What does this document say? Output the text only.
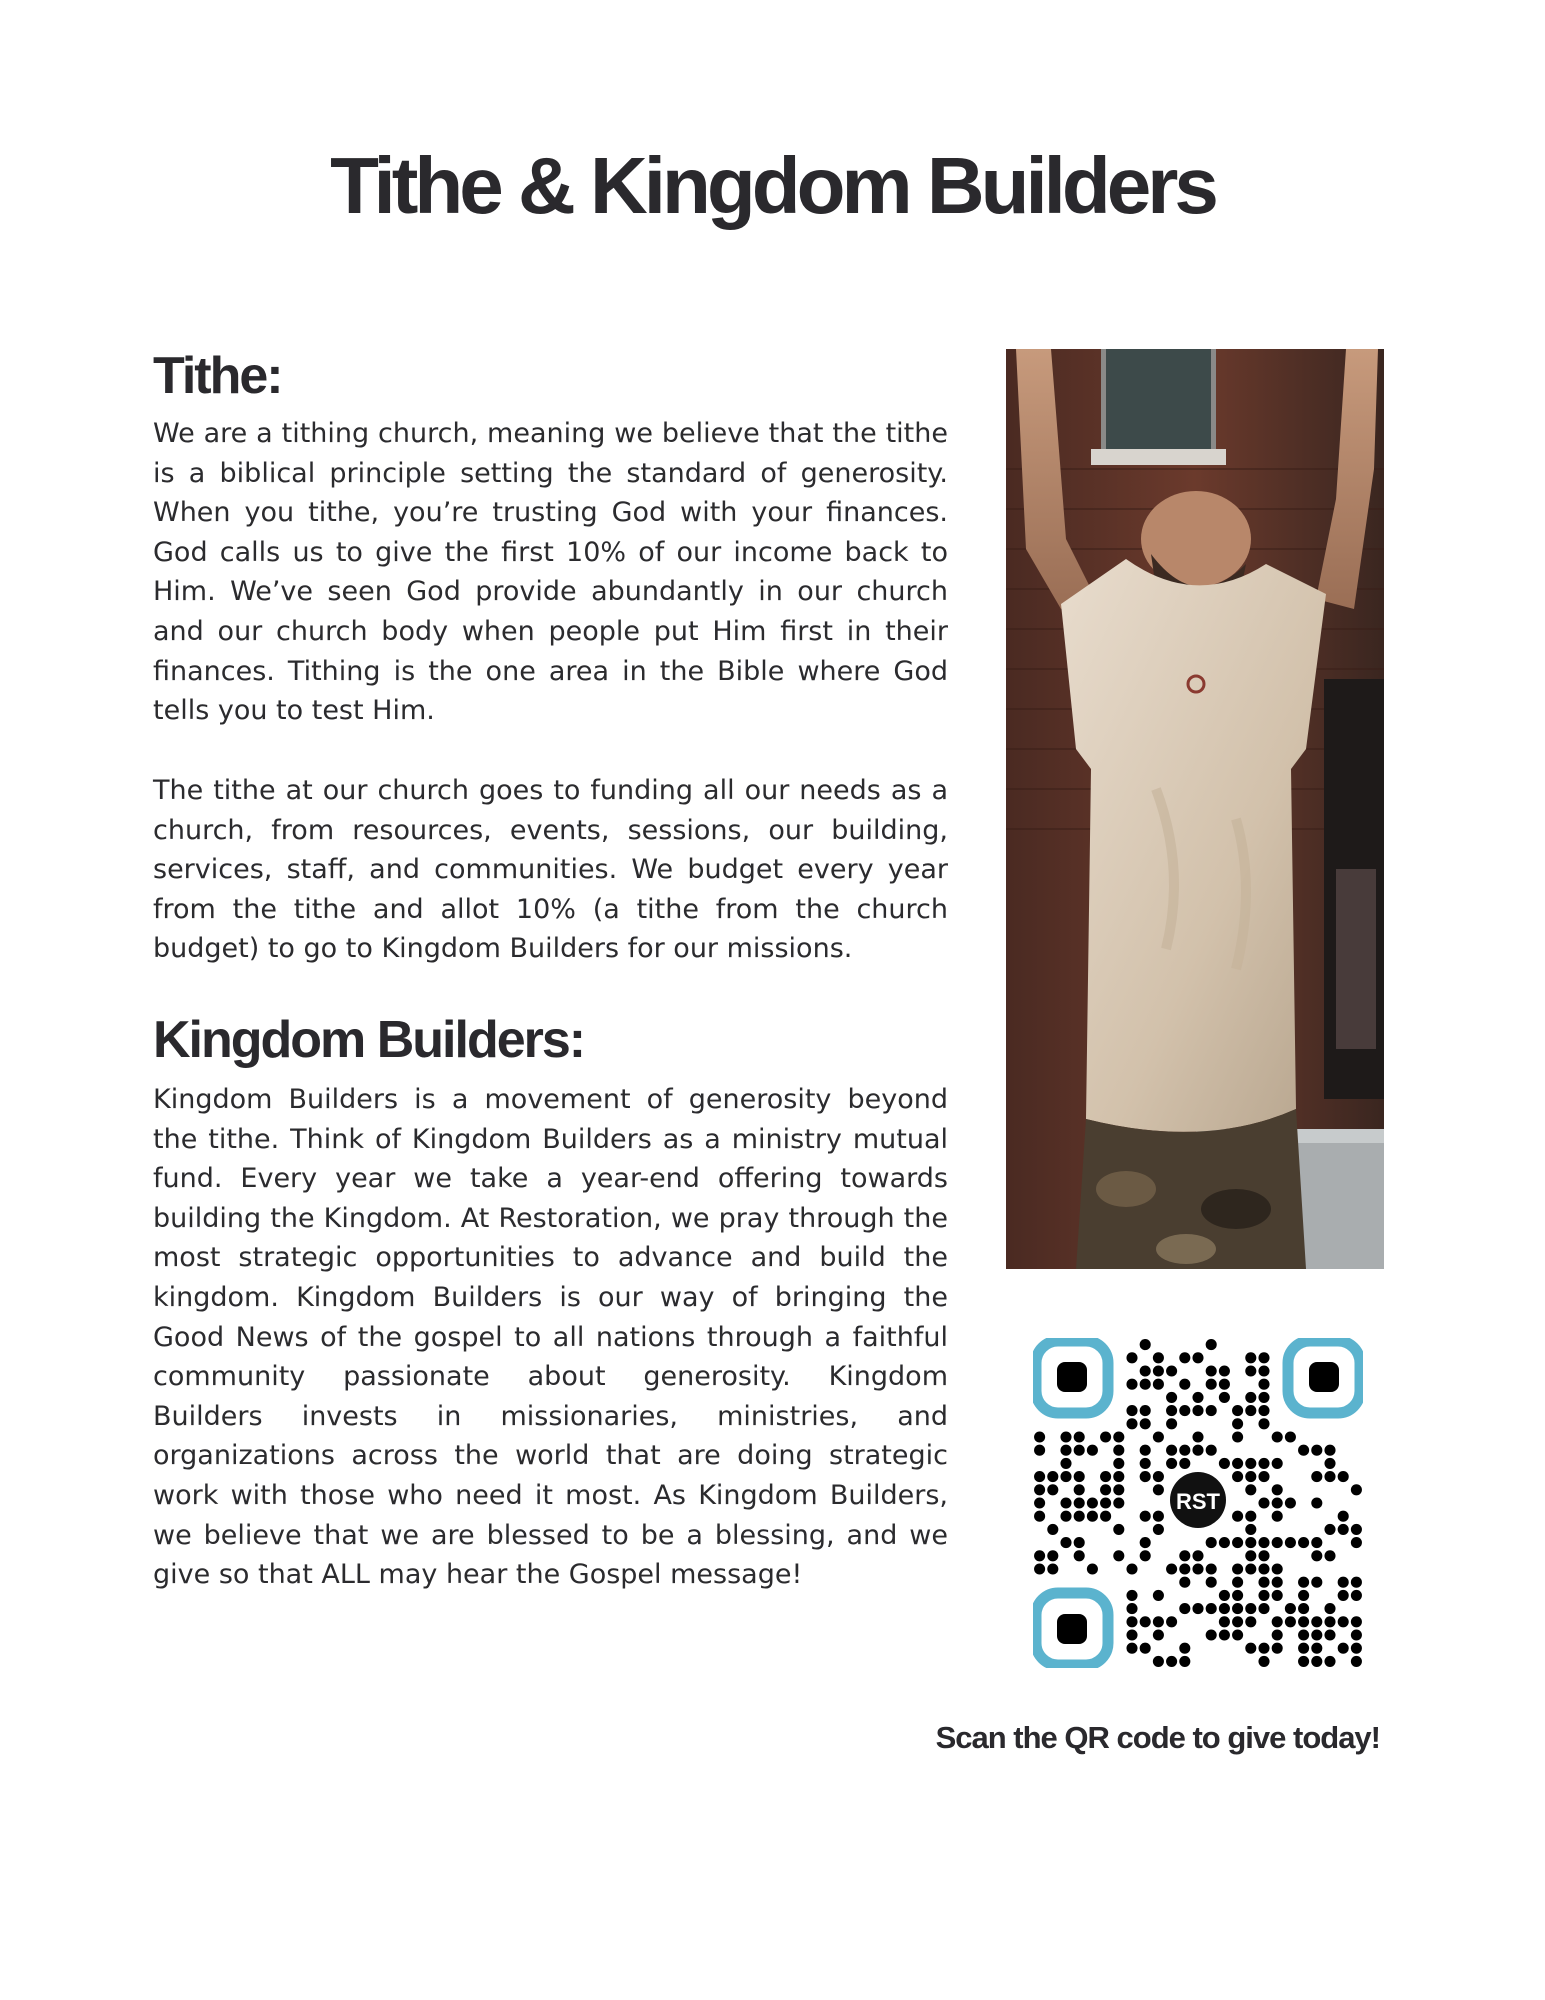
Tithe & Kingdom Builders
Tithe:

We are a tithing church, meaning we believe that the tithe is a biblical principle setting the standard of generosity. When you tithe, you’re trusting God with your finances. God calls us to give the first 10% of our income back to Him. We’ve seen God provide abundantly in our church and our church body when people put Him first in their finances. Tithing is the one area in the Bible where God tells you to test Him.

The tithe at our church goes to funding all our needs as a church, from resources, events, sessions, our building, services, staff, and communities. We budget every year from the tithe and allot 10% (a tithe from the church budget) to go to Kingdom Builders for our missions.

Kingdom Builders:

Kingdom Builders is a movement of generosity beyond the tithe. Think of Kingdom Builders as a ministry mutual fund. Every year we take a year-end offering towards building the Kingdom. At Restoration, we pray through the most strategic opportunities to advance and build the kingdom. Kingdom Builders is our way of bringing the Good News of the gospel to all nations through a faithful community passionate about generosity. Kingdom Builders invests in missionaries, ministries, and organizations across the world that are doing strategic work with those who need it most. As Kingdom Builders, we believe that we are blessed to be a blessing, and we give so that ALL may hear the Gospel message!

RST

Scan the QR code to give today!
